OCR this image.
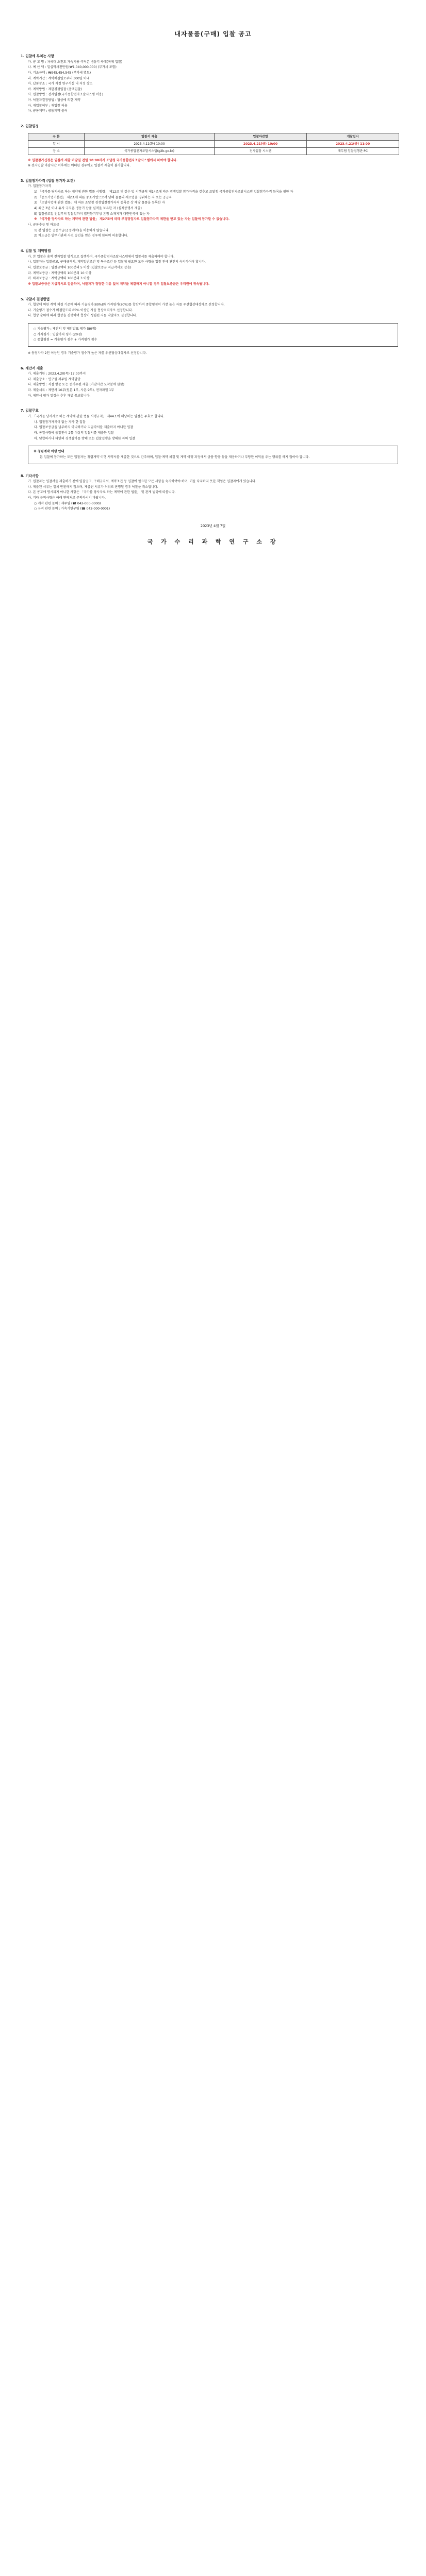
내자물품(구매) 입찰 공고
1. 입찰에 부치는 사항

가. 공 고 명 : 차세대 초전도 가속기용 극저온 냉동기 구매(국제 입찰)

나. 예 산 액 : 일십억사천만원(₩1,040,000,000) (부가세 포함)

다. 기초금액 : ₩945,454,545 (부가세 별도)

라. 계약기간 : 계약체결일로부터 300일 이내

마. 납품장소 : 국가 지정 연구시설 내 지정 장소

바. 계약방법 : 제한경쟁입찰 (총액입찰)

사. 입찰방법 : 전자입찰(국가종합전자조달시스템 이용)

아. 낙찰자결정방법 : 협상에 의한 계약

자. 재입찰여부 : 재입찰 허용

차. 공동계약 : 공동계약 불허

2. 입찰일정
구 분	입찰서 제출	입찰마감일	개찰일시
일 시	2023.4.11(화) 10:00	2023.4.21(금) 10:00	2023.4.21(금) 11:00
장 소	국가종합전자조달시스템(g2b.go.kr)	전자입찰 시스템	재무팀 입찰집행관 PC

※ 입찰참가신청은 입찰서 제출 마감일 전일 18:00까지 조달청 국가종합전자조달시스템에서 하여야 합니다.

※ 전자입찰 마감시간 이후에는 어떠한 경우에도 입찰서 제출이 불가합니다.

3. 입찰참가자격 (입찰 참가자 요건)

가. 입찰참가자격

1) 「국가를 당사자로 하는 계약에 관한 법률 시행령」 제12조 및 같은 법 시행규칙 제14조에 따른 경쟁입찰 참가자격을 갖추고 조달청 국가종합전자조달시스템 입찰참가자격 등록을 필한 자

2) 「중소기업기본법」 제2조에 따른 중소기업으로서 당해 물품의 제조업을 영위하는 자 또는 공급자

3) 「조달사업에 관한 법률」에 따른 조달청 경쟁입찰참가자격 등록증 상 해당 물품을 등록한 자

4) 최근 3년 이내 유사 극저온 냉동기 납품 실적을 보유한 자 (실적증명서 제출)

5) 입찰공고일 전일부터 입찰일까지 법인등기부상 본점 소재지가 대한민국에 있는 자

※ 「국가를 당사자로 하는 계약에 관한 법률」 제27조에 따라 부정당업자로 입찰참가자격 제한을 받고 있는 자는 입찰에 참가할 수 없습니다.

나. 공동수급 및 하도급

1) 본 입찰은 공동수급(공동계약)을 허용하지 않습니다.

2) 하도급은 발주기관의 사전 승인을 얻은 경우에 한하여 허용합니다.

4. 입찰 및 계약방법

가. 본 입찰은 총액 전자입찰 방식으로 집행하며, 국가종합전자조달시스템에서 입찰서를 제출하여야 합니다.

나. 입찰자는 입찰공고, 구매규격서, 계약일반조건 및 특수조건 등 입찰에 필요한 모든 사항을 입찰 전에 완전히 숙지하여야 합니다.

다. 입찰보증금 : 입찰금액의 100분의 5 이상 (입찰보증금 지급각서로 갈음)

라. 계약보증금 : 계약금액의 100분의 10 이상

마. 하자보증금 : 계약금액의 100분의 3 이상

※ 입찰보증금은 지급각서로 갈음하며, 낙찰자가 정당한 이유 없이 계약을 체결하지 아니할 경우 입찰보증금은 우리원에 귀속됩니다.

5. 낙찰자 결정방법

가. 협상에 의한 계약 체결 기준에 따라 기술평가(80%)와 가격평가(20%)를 합산하여 종합평점이 가장 높은 자를 우선협상대상자로 선정합니다.

나. 기술평가 점수가 배점한도의 85% 이상인 자를 협상적격자로 선정합니다.

다. 협상 순위에 따라 협상을 진행하며 협상이 성립된 자를 낙찰자로 결정합니다.

○ 기술평가 : 제안서 및 제안발표 평가 (80점)

○ 가격평가 : 입찰가격 평가 (20점)

○ 종합평점 = 기술평가 점수 + 가격평가 점수

※ 동점자가 2인 이상인 경우 기술평가 점수가 높은 자를 우선협상대상자로 선정합니다.

6. 제안서 제출

가. 제출기한 : 2023.4.20(목) 17:00까지

나. 제출장소 : 연구원 재무팀 계약담당

다. 제출방법 : 직접 방문 또는 등기우편 제출 (마감시간 도착분에 한함)

라. 제출서류 : 제안서 10부(원본 1부, 사본 9부), 전자파일 1부

마. 제안서 평가 일정은 추후 개별 통보합니다.

7. 입찰무효

가. 「국가를 당사자로 하는 계약에 관한 법률 시행규칙」 제44조에 해당하는 입찰은 무효로 합니다.

나. 입찰참가자격이 없는 자가 한 입찰

다. 입찰보증금을 납부하지 아니하거나 지급각서를 제출하지 아니한 입찰

라. 동일사항에 동일인이 2통 이상의 입찰서를 제출한 입찰

마. 담합하거나 타인의 경쟁참가를 방해 또는 입찰집행을 방해한 자의 입찰

※ 청렴계약 이행 안내

본 입찰에 참가하는 모든 입찰자는 청렴계약 이행 서약서를 제출한 것으로 간주하며, 입찰·계약 체결 및 계약 이행 과정에서 금품·향응 등을 제공하거나 부당한 이익을 주는 행위를 하지 않아야 합니다.

8. 기타사항

가. 입찰자는 입찰서를 제출하기 전에 입찰공고, 구매규격서, 계약조건 등 입찰에 필요한 모든 사항을 숙지하여야 하며, 이를 숙지하지 못한 책임은 입찰자에게 있습니다.

나. 제출된 서류는 일체 반환하지 않으며, 제출된 서류가 허위로 판명될 경우 낙찰을 취소합니다.

다. 본 공고에 명시되지 아니한 사항은 「국가를 당사자로 하는 계약에 관한 법률」 및 관계 법령에 따릅니다.

라. 기타 문의사항은 아래 연락처로 문의하시기 바랍니다.

○ 계약 관련 문의 : 재무팀 (☎ 042-000-0000)

○ 규격 관련 문의 : 가속기연구팀 (☎ 042-000-0001)

2023년 4월 7일
국 가 수 리 과 학 연 구 소 장
